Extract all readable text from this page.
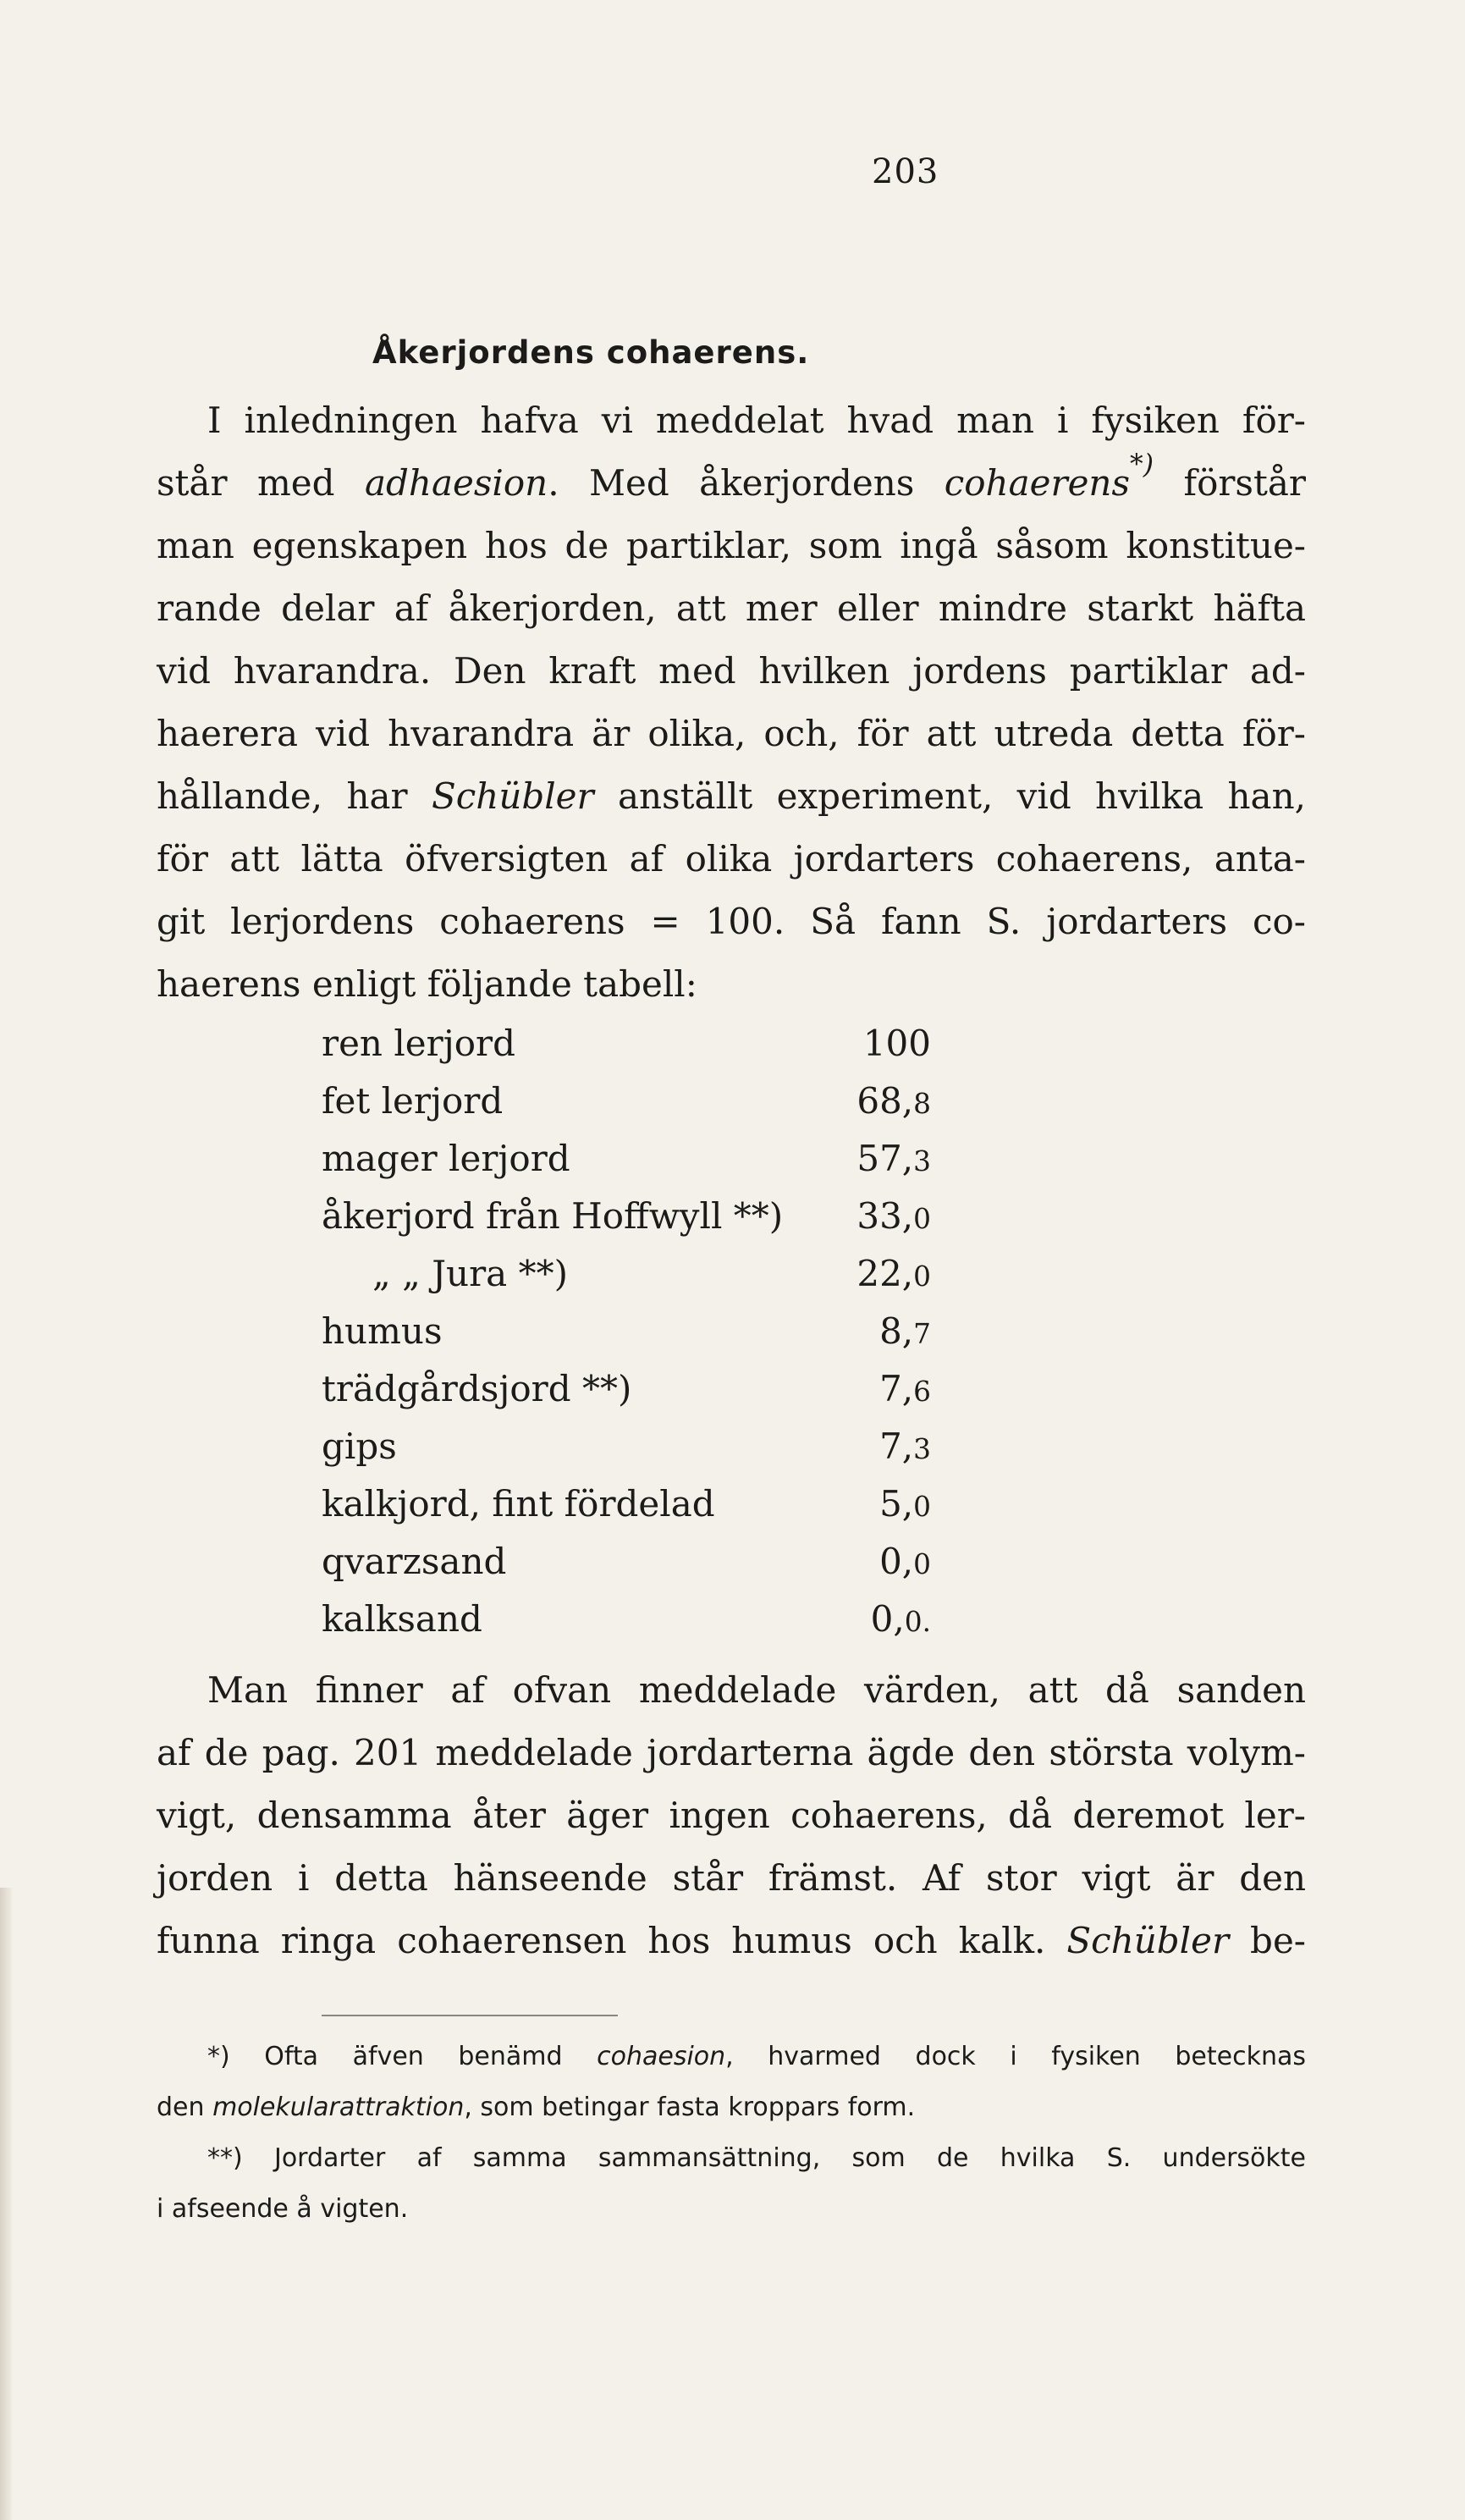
203
Åkerjordens cohaerens.
I inledningen hafva vi meddelat hvad man i fysiken för-
står med adhaesion. Med åkerjordens cohaerens*) förstår
man egenskapen hos de partiklar, som ingå såsom konstitue-
rande delar af åkerjorden, att mer eller mindre starkt häfta
vid hvarandra. Den kraft med hvilken jordens partiklar ad-
haerera vid hvarandra är olika, och, för att utreda detta för-
hållande, har Schübler anställt experiment, vid hvilka han,
för att lätta öfversigten af olika jordarters cohaerens, anta-
git lerjordens cohaerens = 100. Så fann S. jordarters co-
haerens enligt följande tabell:
ren lerjord	100
fet lerjord	68,8
mager lerjord	57,3
åkerjord från Hoffwyll **) 33,0
„ „ Jura **)	22,0
humus	8,7
trädgårdsjord **)	7,6
gips	7,3
kalkjord, fint fördelad	5,0
qvarzsand	0,0
kalksand	0,0.
Man finner af ofvan meddelade värden, att då sanden
af de pag. 201 meddelade jordarterna ägde den största volym-
vigt, densamma åter äger ingen cohaerens, då deremot ler-
jorden i detta hänseende står främst. Af stor vigt är den
funna ringa cohaerensen hos humus och kalk. Schübler be-
*) Ofta äfven benämd cohaesion, hvarmed dock i fysiken betecknas
den molekularattraktion, som betingar fasta kroppars form.
**) Jordarter af samma sammansättning, som de hvilka S. undersökte
i afseende å vigten.
